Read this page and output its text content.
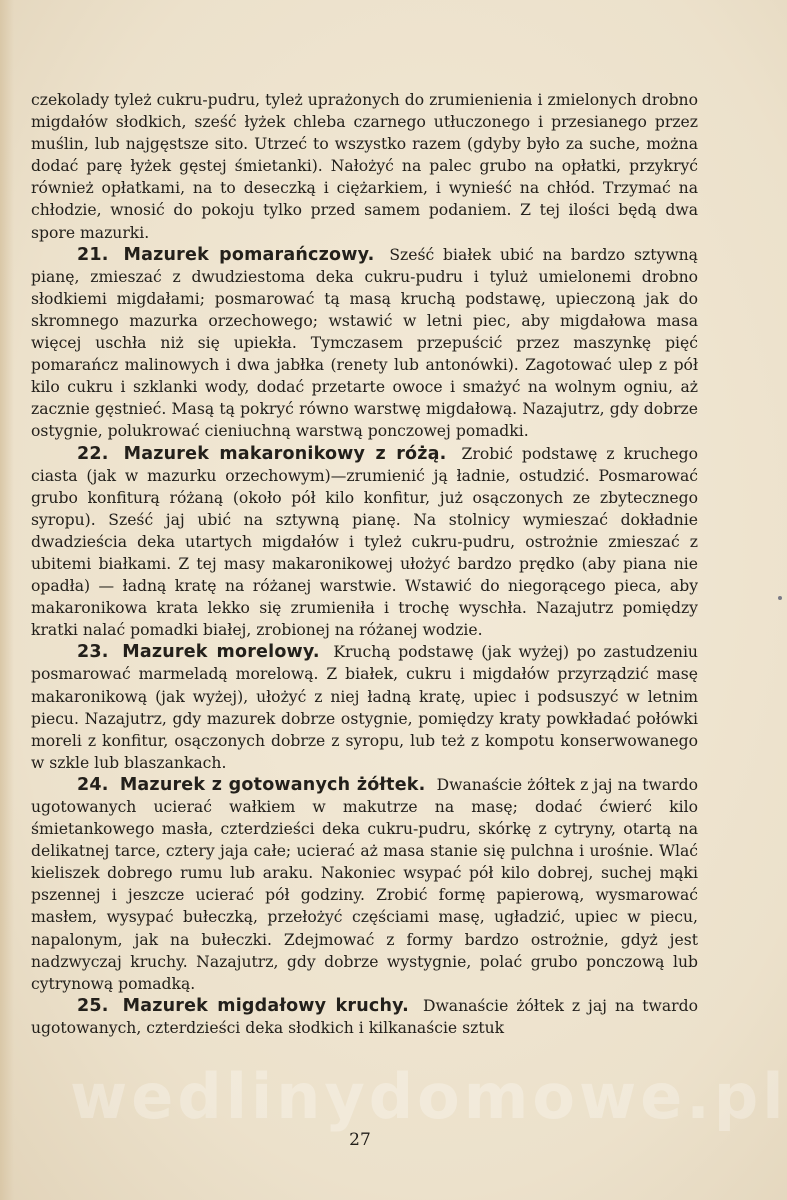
czekolady tyleż cukru-pudru, tyleż uprażonych do zrumienienia i zmielonych drobno migdałów słodkich, sześć łyżek chleba czarnego utłuczonego i przesianego przez muślin, lub najgęstsze sito. Utrzeć to wszystko razem (gdyby było za suche, można dodać parę łyżek gęstej śmietanki). Nałożyć na palec grubo na opłatki, przykryć również opłatkami, na to deseczką i ciężarkiem, i wynieść na chłód. Trzymać na chłodzie, wnosić do pokoju tylko przed samem podaniem. Z tej ilości będą dwa spore mazurki.

21. Mazurek pomarańczowy. Sześć białek ubić na bardzo sztywną pianę, zmieszać z dwudziestoma deka cukru-pudru i tyluż umielonemi drobno słodkiemi migdałami; posmarować tą masą kruchą podstawę, upieczoną jak do skromnego mazurka orzechowego; wstawić w letni piec, aby migdałowa masa więcej uschła niż się upiekła. Tymczasem przepuścić przez maszynkę pięć pomarańcz malinowych i dwa jabłka (renety lub antonówki). Zagotować ulep z pół kilo cukru i szklanki wody, dodać przetarte owoce i smażyć na wolnym ogniu, aż zacznie gęstnieć. Masą tą pokryć równo warstwę migdałową. Nazajutrz, gdy dobrze ostygnie, polukrować cieniuchną warstwą ponczowej pomadki.

22. Mazurek makaronikowy z różą. Zrobić podstawę z kruchego ciasta (jak w mazurku orzechowym)—zrumienić ją ładnie, ostudzić. Posmarować grubo konfiturą różaną (około pół kilo konfitur, już osączonych ze zbytecznego syropu). Sześć jaj ubić na sztywną pianę. Na stolnicy wymieszać dokładnie dwadzieścia deka utartych migdałów i tyleż cukru-pudru, ostrożnie zmieszać z ubitemi białkami. Z tej masy makaronikowej ułożyć bardzo prędko (aby piana nie opadła) — ładną kratę na różanej warstwie. Wstawić do niegorącego pieca, aby makaronikowa krata lekko się zrumieniła i trochę wyschła. Nazajutrz pomiędzy kratki nalać pomadki białej, zrobionej na różanej wodzie.

23. Mazurek morelowy. Kruchą podstawę (jak wyżej) po zastudzeniu posmarować marmeladą morelową. Z białek, cukru i migdałów przyrządzić masę makaronikową (jak wyżej), ułożyć z niej ładną kratę, upiec i podsuszyć w letnim piecu. Nazajutrz, gdy mazurek dobrze ostygnie, pomiędzy kraty powkładać połówki moreli z konfitur, osączonych dobrze z syropu, lub też z kompotu konserwowanego w szkle lub blaszankach.

24. Mazurek z gotowanych żółtek. Dwanaście żółtek z jaj na twardo ugotowanych ucierać wałkiem w makutrze na masę; dodać ćwierć kilo śmietankowego masła, czterdzieści deka cukru-pudru, skórkę z cytryny, otartą na delikatnej tarce, cztery jaja całe; ucierać aż masa stanie się pulchna i urośnie. Wlać kieliszek dobrego rumu lub araku. Nakoniec wsypać pół kilo dobrej, suchej mąki pszennej i jeszcze ucierać pół godziny. Zrobić formę papierową, wysmarować masłem, wysypać bułeczką, przełożyć częściami masę, ugładzić, upiec w piecu, napalonym, jak na bułeczki. Zdejmować z formy bardzo ostrożnie, gdyż jest nadzwyczaj kruchy. Nazajutrz, gdy dobrze wystygnie, polać grubo ponczową lub cytrynową pomadką.

25. Mazurek migdałowy kruchy. Dwanaście żółtek z jaj na twardo ugotowanych, czterdzieści deka słodkich i kilkanaście sztuk

wedlinydomowe.pl
27
